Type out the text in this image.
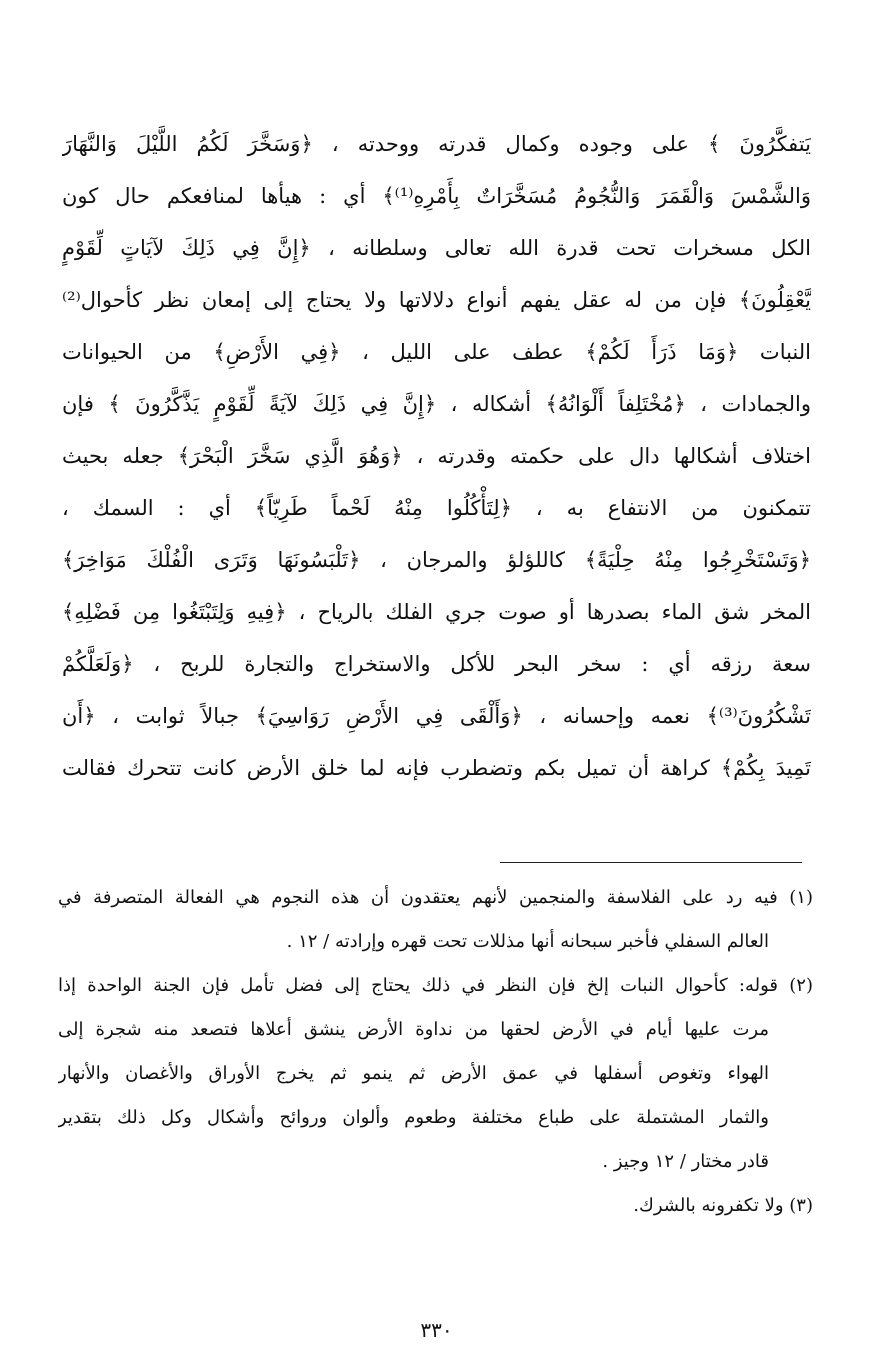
يَتفكَّرُونَ ﴾ على وجوده وكمال قدرته ووحدته ، ﴿وَسَخَّرَ لَكُمُ اللَّيْلَ وَالنَّهَارَ
وَالشَّمْسَ وَالْقَمَرَ وَالنُّجُومُ مُسَخَّرَاتٌ بِأَمْرِهِ⁽¹⁾﴾ أي : هيأها لمنافعكم حال كون
الكل مسخرات تحت قدرة الله تعالى وسلطانه ، ﴿إِنَّ فِي ذَلِكَ لآيَاتٍ لِّقَوْمٍ
يَّعْقِلُونَ﴾ فإن من له عقل يفهم أنواع دلالاتها ولا يحتاج إلى إمعان نظر كأحوال⁽²⁾
النبات ﴿وَمَا ذَرَأَ لَكُمْ﴾ عطف على الليل ، ﴿فِي الأَرْضِ﴾ من الحيوانات
والجمادات ، ﴿مُخْتَلِفاً أَلْوَانُهُ﴾ أشكاله ، ﴿إِنَّ فِي ذَلِكَ لآيَةً لِّقَوْمٍ يَذَّكَّرُونَ ﴾ فإن
اختلاف أشكالها دال على حكمته وقدرته ، ﴿وَهُوَ الَّذِي سَخَّرَ الْبَحْرَ﴾ جعله بحيث
تتمكنون من الانتفاع به ، ﴿لِتَأْكُلُوا مِنْهُ لَحْماً طَرِيّاً﴾ أي : السمك ،
﴿وَتَسْتَخْرِجُوا مِنْهُ حِلْيَةً﴾ كاللؤلؤ والمرجان ، ﴿تَلْبَسُونَهَا وَتَرَى الْفُلْكَ مَوَاخِرَ﴾
المخر شق الماء بصدرها أو صوت جري الفلك بالرياح ، ﴿فِيهِ وَلِتَبْتَغُوا مِن فَضْلِهِ﴾
سعة رزقه أي : سخر البحر للأكل والاستخراج والتجارة للربح ، ﴿وَلَعَلَّكُمْ
تَشْكُرُونَ⁽³⁾﴾ نعمه وإحسانه ، ﴿وَأَلْقَى فِي الأَرْضِ رَوَاسِيَ﴾ جبالاً ثوابت ، ﴿أَن
تَمِيدَ بِكُمْ﴾ كراهة أن تميل بكم وتضطرب فإنه لما خلق الأرض كانت تتحرك فقالت
(١) فيه رد على الفلاسفة والمنجمين لأنهم يعتقدون أن هذه النجوم هي الفعالة المتصرفة في
العالم السفلي فأخبر سبحانه أنها مذللات تحت قهره وإرادته / ١٢ .
(٢) قوله: كأحوال النبات إلخ فإن النظر في ذلك يحتاج إلى فضل تأمل فإن الجنة الواحدة إذا
مرت عليها أيام في الأرض لحقها من نداوة الأرض ينشق أعلاها فتصعد منه شجرة إلى
الهواء وتغوص أسفلها في عمق الأرض ثم ينمو ثم يخرج الأوراق والأغصان والأنهار
والثمار المشتملة على طباع مختلفة وطعوم وألوان وروائح وأشكال وكل ذلك بتقدير
قادر مختار / ١٢ وجيز .
(٣) ولا تكفرونه بالشرك.
٣٣٠
